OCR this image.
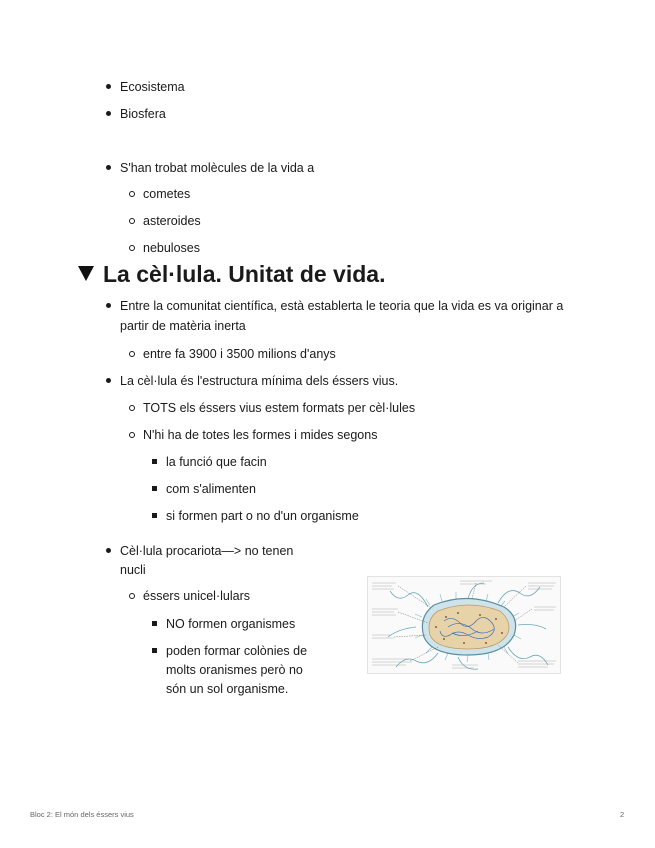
Ecosistema
Biosfera
S'han trobat molècules de la vida a
cometes
asteroides
nebuloses
La cèl·lula. Unitat de vida.
Entre la comunitat científica, està establerta le teoria que la vida es va originar a
partir de matèria inerta
entre fa 3900 i 3500 milions d'anys
La cèl·lula és l'estructura mínima dels éssers vius.
TOTS els éssers vius estem formats per cèl·lules
N'hi ha de totes les formes i mides segons
la funció que facin
com s'alimenten
si formen part o no d'un organisme
Cèl·lula procariota—> no tenen
nucli
éssers unicel·lulars
NO formen organismes
poden formar colònies de
molts oranismes però no
són un sol organisme.
Bloc 2: El món dels éssers vius	2
